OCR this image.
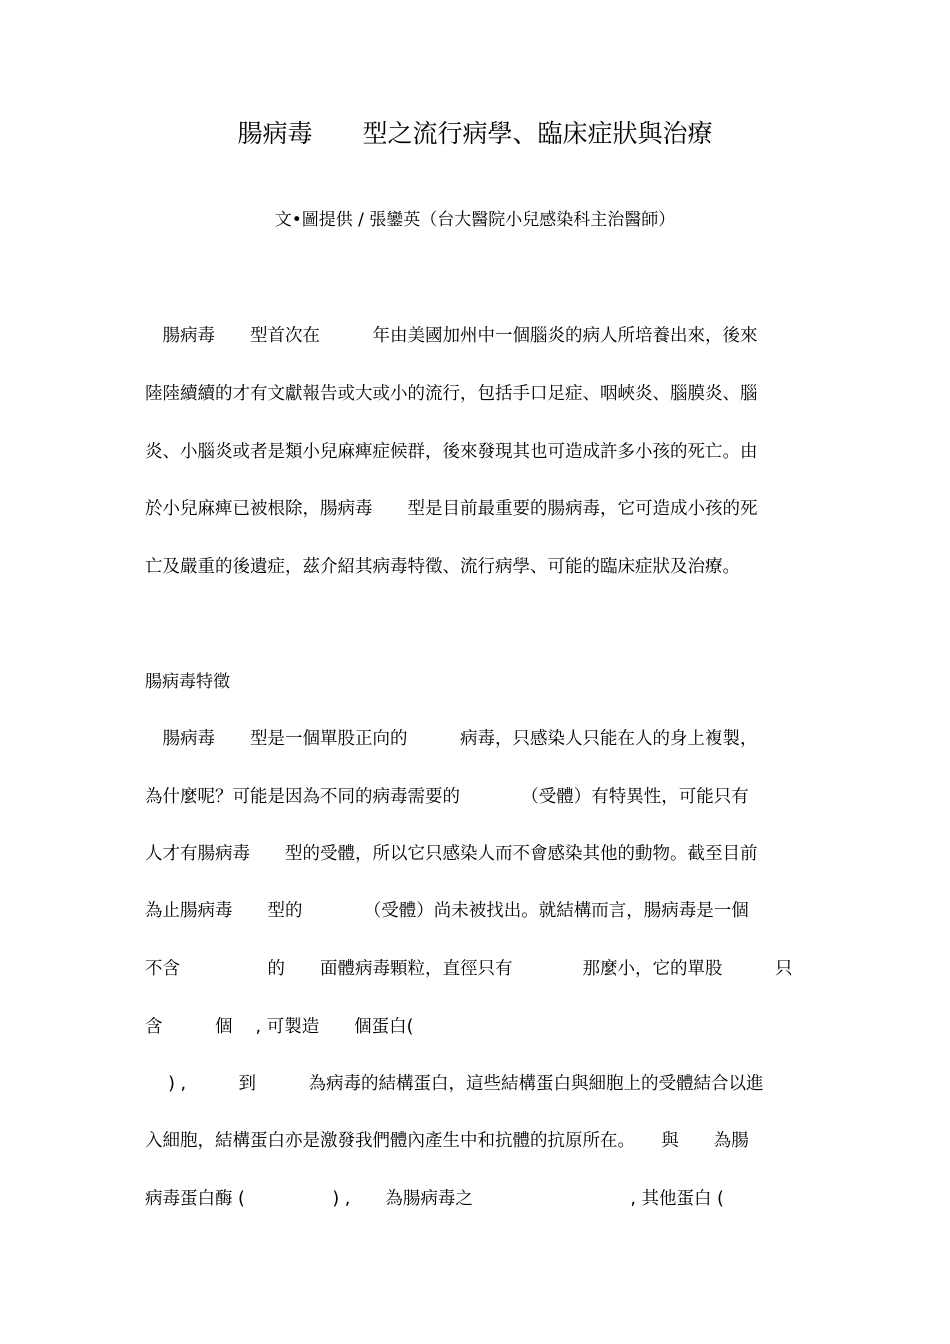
腸病毒　　型之流行病學、臨床症狀與治療
文•圖提供 / 張鑾英（台大醫院小兒感染科主治醫師）
　腸病毒　　型首次在　　　年由美國加州中一個腦炎的病人所培養出來，後來
陸陸續續的才有文獻報告或大或小的流行，包括手口足症、咽峽炎、腦膜炎、腦
炎、小腦炎或者是類小兒麻痺症候群，後來發現其也可造成許多小孩的死亡。由
於小兒麻痺已被根除，腸病毒　　型是目前最重要的腸病毒，它可造成小孩的死
亡及嚴重的後遺症，茲介紹其病毒特徵、流行病學、可能的臨床症狀及治療。
腸病毒特徵
　腸病毒　　型是一個單股正向的　　　病毒，只感染人只能在人的身上複製，
為什麼呢？可能是因為不同的病毒需要的　　　　（受體）有特異性，可能只有
人才有腸病毒　　型的受體，所以它只感染人而不會感染其他的動物。截至目前
為止腸病毒　　型的　　　　（受體）尚未被找出。就結構而言，腸病毒是一個
不含　　　　　的　　面體病毒顆粒，直徑只有　　　　那麼小，它的單股　　　只
含　　　個　 , 可製造　　個蛋白(
　 ) ,　　　到　　　為病毒的結構蛋白，這些結構蛋白與細胞上的受體結合以進
入細胞，結構蛋白亦是激發我們體內產生中和抗體的抗原所在。　　與　　為腸
病毒蛋白酶 (　　　　　) ,　　為腸病毒之　　　　　　　　　, 其他蛋白 (
